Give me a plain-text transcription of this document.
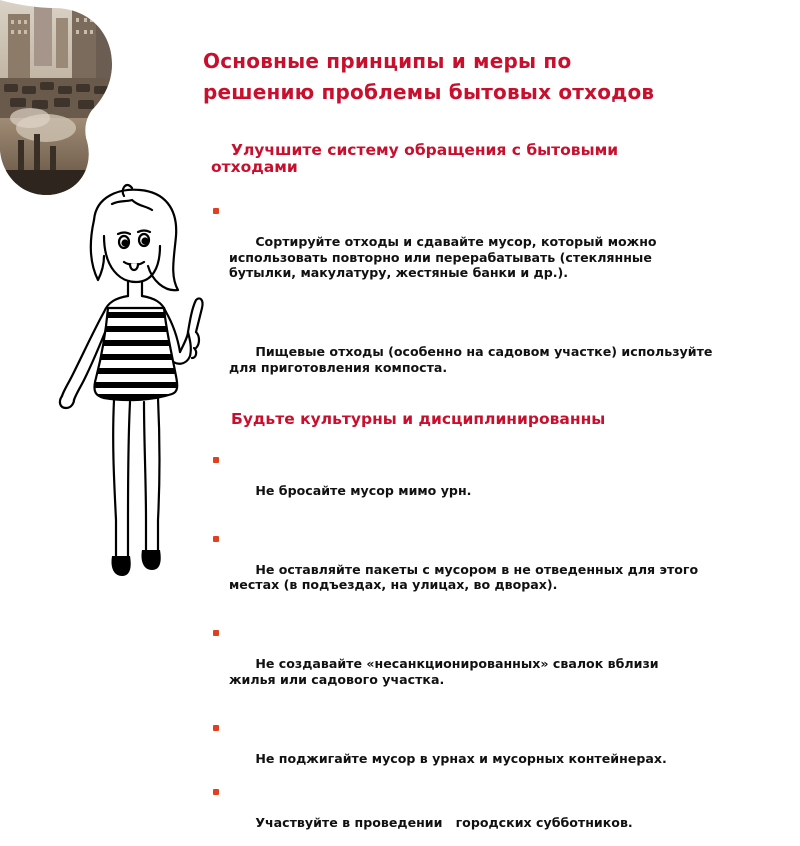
Основные принципы и меры по
решению проблемы бытовых отходов
Улучшите систему обращения с бытовыми
отходами

Сортируйте отходы и сдавайте мусор, который можно
использовать повторно или перерабатывать (стеклянные
бутылки, макулатуру, жестяные банки и др.).

Пищевые отходы (особенно на садовом участке) используйте
для приготовления компоста.

Будьте культурны и дисциплинированны

Не бросайте мусор мимо урн.

Не оставляйте пакеты с мусором в не отведенных для этого
местах (в подъездах, на улицах, во дворах).

Не создавайте «несанкционированных» свалок вблизи
жилья или садового участка.

Не поджигайте мусор в урнах и мусорных контейнерах.

Участвуйте в проведении   городских субботников.
